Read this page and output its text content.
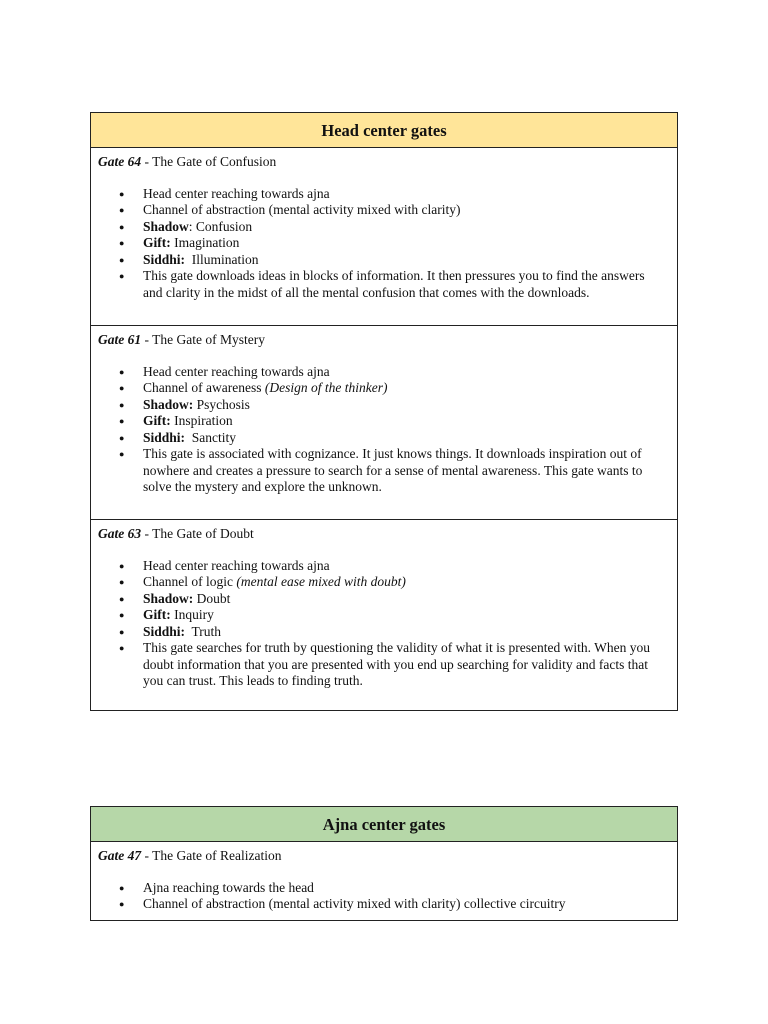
Head center gates

Gate 64 - The Gate of Confusion

● Head center reaching towards ajna
● Channel of abstraction (mental activity mixed with clarity)
● Shadow: Confusion
● Gift: Imagination
● Siddhi:  Illumination
● This gate downloads ideas in blocks of information. It then pressures you to find the answers and clarity in the midst of all the mental confusion that comes with the downloads.

Gate 61 - The Gate of Mystery

● Head center reaching towards ajna
● Channel of awareness (Design of the thinker)
● Shadow: Psychosis
● Gift: Inspiration
● Siddhi:  Sanctity
● This gate is associated with cognizance. It just knows things. It downloads inspiration out of nowhere and creates a pressure to search for a sense of mental awareness. This gate wants to solve the mystery and explore the unknown.

Gate 63 - The Gate of Doubt

● Head center reaching towards ajna
● Channel of logic (mental ease mixed with doubt)
● Shadow: Doubt
● Gift: Inquiry
● Siddhi:  Truth
● This gate searches for truth by questioning the validity of what it is presented with. When you doubt information that you are presented with you end up searching for validity and facts that you can trust. This leads to finding truth.
Ajna center gates

Gate 47 - The Gate of Realization

● Ajna reaching towards the head
● Channel of abstraction (mental activity mixed with clarity) collective circuitry
